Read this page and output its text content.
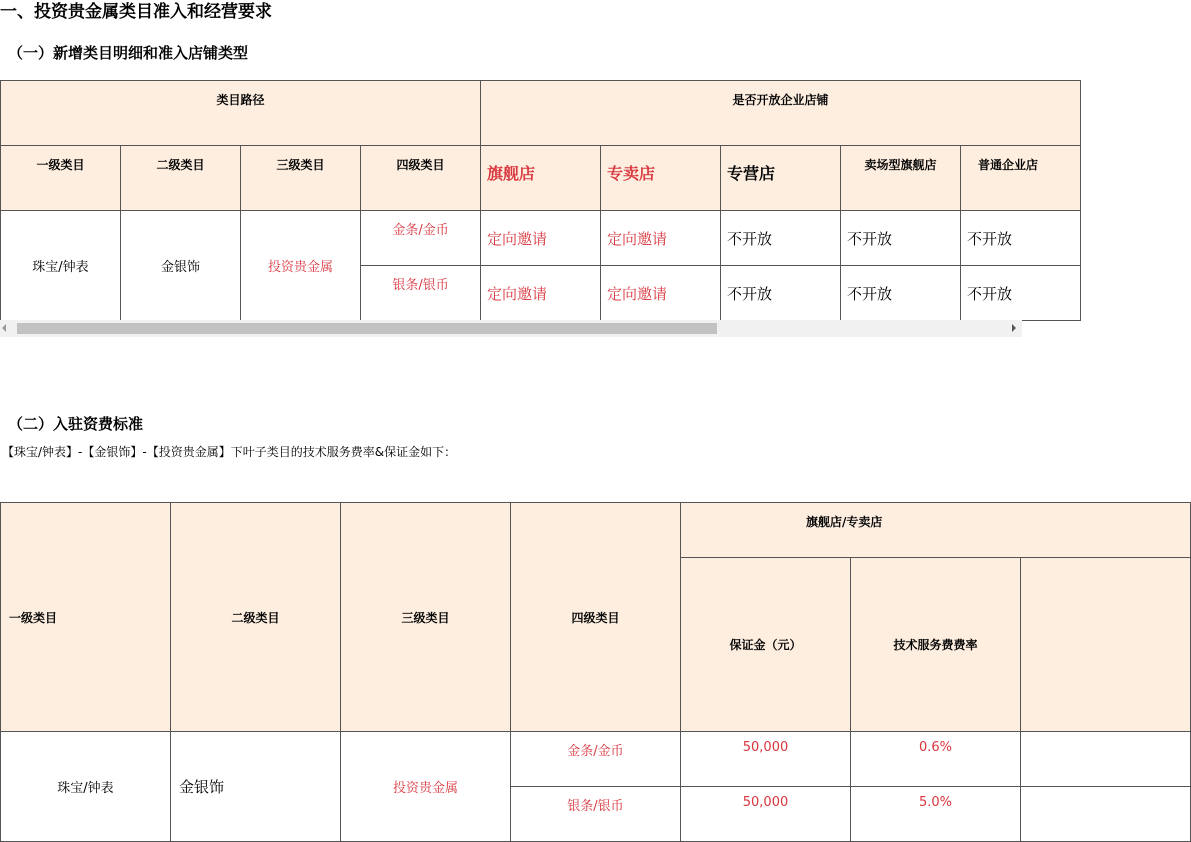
一、投资贵金属类目准入和经营要求
（一）新增类目明细和准入店铺类型
类目路径				是否开放企业店铺				
一级类目	二级类目	三级类目	四级类目	旗舰店	专卖店	专营店	卖场型旗舰店	普通企业店
珠宝/钟表	金银饰	投资贵金属	金条/金币	定向邀请	定向邀请	不开放	不开放	不开放
			银条/银币	定向邀请	定向邀请	不开放	不开放	不开放
（二）入驻资费标准
【珠宝/钟表】-【金银饰】-【投资贵金属】下叶子类目的技术服务费率&保证金如下：
一级类目	二级类目	三级类目	四级类目	旗舰店/专卖店		
				保证金（元）	技术服务费费率	
珠宝/钟表	金银饰	投资贵金属	金条/金币	50,000	0.6%	
			银条/银币	50,000	5.0%	
